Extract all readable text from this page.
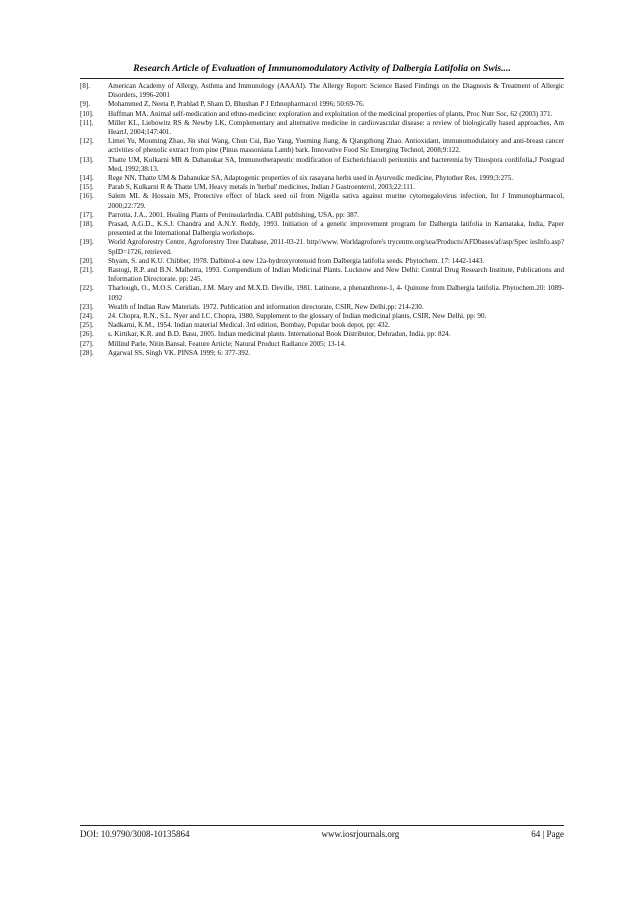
Research Article of Evaluation of Immunomodulatory Activity of Dalbergia Latifolia on Swis....
[8].	American Academy of Allergy, Asthma and Immunology (AAAAI). The Allergy Report: Science Based Findings on the Diagnosis & Treatment of Allergic Disorders, 1996-2001
[9].	Mohammed Z, Neeta P, Prahlad P, Sham D, Bhushan P J Ethnopharmacol 1996; 50:69-76.
[10].	Huffman MA. Animal self-medication and ethno-medicine: exploration and exploitation of the medicinal properties of plants, Proc Nutr Soc, 62 (2003) 371.
[11].	Miller KL, Liebowitz RS & Newby LK, Complementary and alternative medicine in cardiovascular disease: a review of biologically based approaches, Am HeartJ, 2004;147:401.
[12].	Limei Yu, Mouming Zhao, Jin shui Wang, Chun Cui, Bao Yang, Yueming Jiang, & Qiangzhong Zhao. Antioxidant, immunomodulatory and anti-breast cancer activities of phenolic extract from pine (Pinus massoniana Lamb) bark. Innovative Food Sic Emerging Technol, 2008;9:122.
[13].	Thatte UM, Kulkarni MR & Dahanukar SA, Immunotherapeutic modification of Escherichiacoli peritonitis and bacteremia by Tinospora cordifolia,J Postgrad Med, 1992;38:13.
[14].	Rege NN, Thatte UM & Dahanukar SA, Adaptogenic properties of six rasayana herbs used in Ayurvedic medicine, Phytother Res, 1999;3:275.
[15].	Parab S, Kulkarni R & Thatte UM, Heavy metals in 'herbal' medicines, Indian J Gastroenterol, 2003;22:111.
[16].	Salem ML & Hossain MS, Protective effect of black seed oil from Nigella sativa against murine cytomegalovirus infection, Int J Immunopharmacol, 2000;22:729.
[17].	Parrotta, J.A., 2001. Healing Plants of PeninsularIndia. CABI publishing, USA, pp: 387.
[18].	Prasad, A.G.D., K.S.J. Chandra and A.N.Y. Reddy, 1993. Initiation of a genetic improvement program for Dalbergia latifolia in Karnataka, India, Paper presented at the International Dalbergia workshops.
[19].	World Agroforestry Centre, Agroforestry Tree Database, 2011-03-21. http//www. Worldagrofore's trycentre.org/sea/Products/AFDbases/af/asp/Spec iesInfo.asp?SpID=1726, retrieved.
[20].	Shyam, S. and K.U. Chibber, 1978. Dalbinol-a new 12a-hydroxyrotenoid from Dalbergia latifolia seeds. Phytochem. 17: 1442-1443.
[21].	Rastogi, R.P. and B.N. Malhotra, 1993. Compendium of Indian Medicinal Plants. Lucknow and New Delhi: Central Drug Research Institute, Publications and Information Directorate. pp: 245.
[22].	Tharlough, O., M.O.S. Ceridian, J.M. Mary and M.X.D. Deville, 1981. Latinone, a phenanthrene-1, 4- Quinone from Dalbergia latifolia. Phytochem.20: 1089-1092
[23].	Wealth of Indian Raw Materials. 1972. Publication and information directorate, CSIR, New Delhi.pp: 214-230.
[24].	24. Chopra, R.N., S.L. Nyer and I.C. Chopra, 1980. Supplement to the glossary of Indian medicinal plants, CSIR, New Delhi. pp: 90.
[25].	Nadkarni, K.M., 1954. Indian material Medical. 3rd edition, Bombay, Popular book depot, pp: 432.
[26].	s. Kirtikar, K.R. and B.D. Basu, 2005. Indian medicinal plants. International Book Distributor, Dehradun, India. pp: 824.
[27].	Millind Parle, Nitin Bansal. Feature Article; Natural Product Radiance 2005; 13-14.
[28].	Agarwal SS, Singh VK. PINSA 1999; 6: 377-392.
DOI: 10.9790/3008-10135864	www.iosrjournals.org	64 | Page
